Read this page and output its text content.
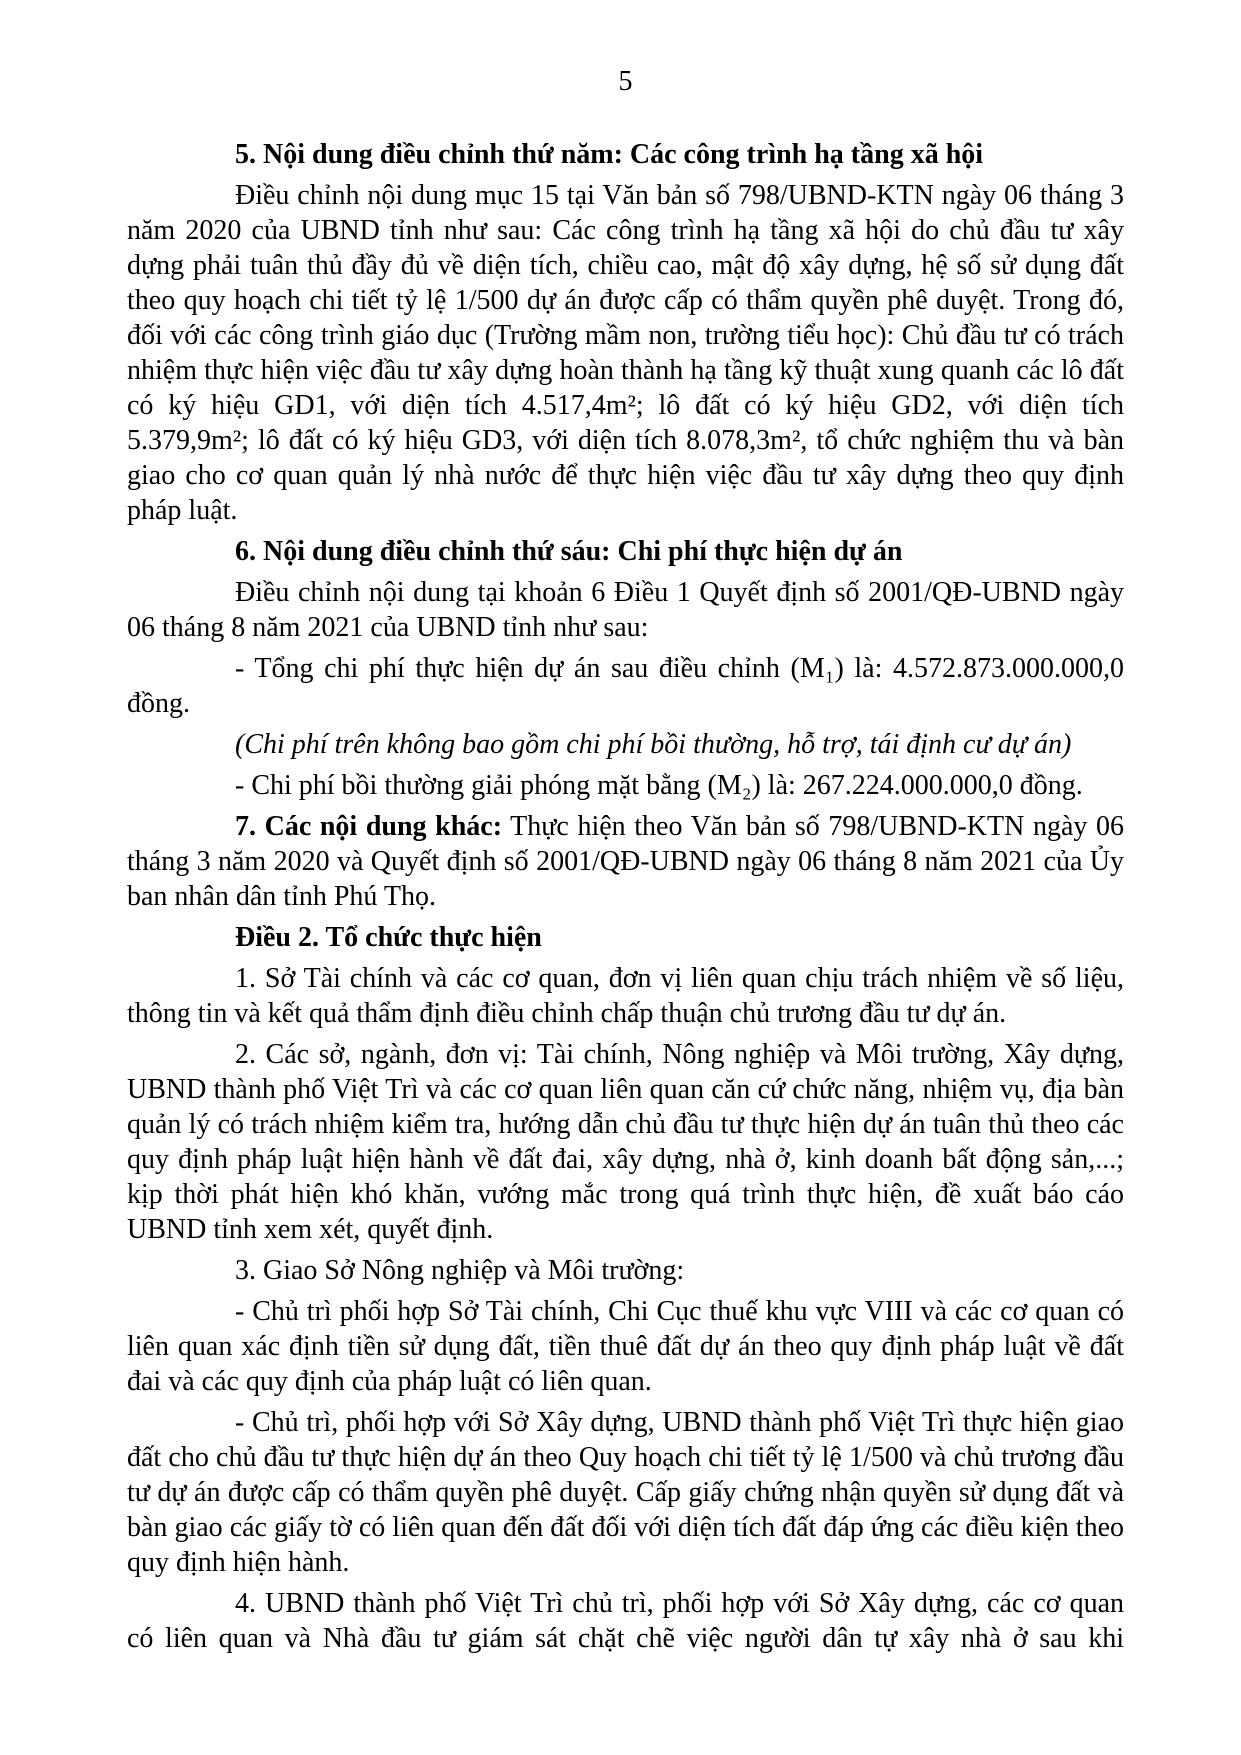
5
5. Nội dung điều chỉnh thứ năm: Các công trình hạ tầng xã hội
Điều chỉnh nội dung mục 15 tại Văn bản số 798/UBND-KTN ngày 06 tháng 3 năm 2020 của UBND tỉnh như sau: Các công trình hạ tầng xã hội do chủ đầu tư xây dựng phải tuân thủ đầy đủ về diện tích, chiều cao, mật độ xây dựng, hệ số sử dụng đất theo quy hoạch chi tiết tỷ lệ 1/500 dự án được cấp có thẩm quyền phê duyệt. Trong đó, đối với các công trình giáo dục (Trường mầm non, trường tiểu học): Chủ đầu tư có trách nhiệm thực hiện việc đầu tư xây dựng hoàn thành hạ tầng kỹ thuật xung quanh các lô đất có ký hiệu GD1, với diện tích 4.517,4m²; lô đất có ký hiệu GD2, với diện tích 5.379,9m²; lô đất có ký hiệu GD3, với diện tích 8.078,3m², tổ chức nghiệm thu và bàn giao cho cơ quan quản lý nhà nước để thực hiện việc đầu tư xây dựng theo quy định pháp luật.
6. Nội dung điều chỉnh thứ sáu: Chi phí thực hiện dự án
Điều chỉnh nội dung tại khoản 6 Điều 1 Quyết định số 2001/QĐ-UBND ngày 06 tháng 8 năm 2021 của UBND tỉnh như sau:
- Tổng chi phí thực hiện dự án sau điều chỉnh (M₁) là: 4.572.873.000.000,0 đồng.
(Chi phí trên không bao gồm chi phí bồi thường, hỗ trợ, tái định cư dự án)
- Chi phí bồi thường giải phóng mặt bằng (M₂) là: 267.224.000.000,0 đồng.
7. Các nội dung khác: Thực hiện theo Văn bản số 798/UBND-KTN ngày 06 tháng 3 năm 2020 và Quyết định số 2001/QĐ-UBND ngày 06 tháng 8 năm 2021 của Ủy ban nhân dân tỉnh Phú Thọ.
Điều 2. Tổ chức thực hiện
1. Sở Tài chính và các cơ quan, đơn vị liên quan chịu trách nhiệm về số liệu, thông tin và kết quả thẩm định điều chỉnh chấp thuận chủ trương đầu tư dự án.
2. Các sở, ngành, đơn vị: Tài chính, Nông nghiệp và Môi trường, Xây dựng, UBND thành phố Việt Trì và các cơ quan liên quan căn cứ chức năng, nhiệm vụ, địa bàn quản lý có trách nhiệm kiểm tra, hướng dẫn chủ đầu tư thực hiện dự án tuân thủ theo các quy định pháp luật hiện hành về đất đai, xây dựng, nhà ở, kinh doanh bất động sản,...; kịp thời phát hiện khó khăn, vướng mắc trong quá trình thực hiện, đề xuất báo cáo UBND tỉnh xem xét, quyết định.
3. Giao Sở Nông nghiệp và Môi trường:
- Chủ trì phối hợp Sở Tài chính, Chi Cục thuế khu vực VIII và các cơ quan có liên quan xác định tiền sử dụng đất, tiền thuê đất dự án theo quy định pháp luật về đất đai và các quy định của pháp luật có liên quan.
- Chủ trì, phối hợp với Sở Xây dựng, UBND thành phố Việt Trì thực hiện giao đất cho chủ đầu tư thực hiện dự án theo Quy hoạch chi tiết tỷ lệ 1/500 và chủ trương đầu tư dự án được cấp có thẩm quyền phê duyệt. Cấp giấy chứng nhận quyền sử dụng đất và bàn giao các giấy tờ có liên quan đến đất đối với diện tích đất đáp ứng các điều kiện theo quy định hiện hành.
4. UBND thành phố Việt Trì chủ trì, phối hợp với Sở Xây dựng, các cơ quan có liên quan và Nhà đầu tư giám sát chặt chẽ việc người dân tự xây nhà ở sau khi
